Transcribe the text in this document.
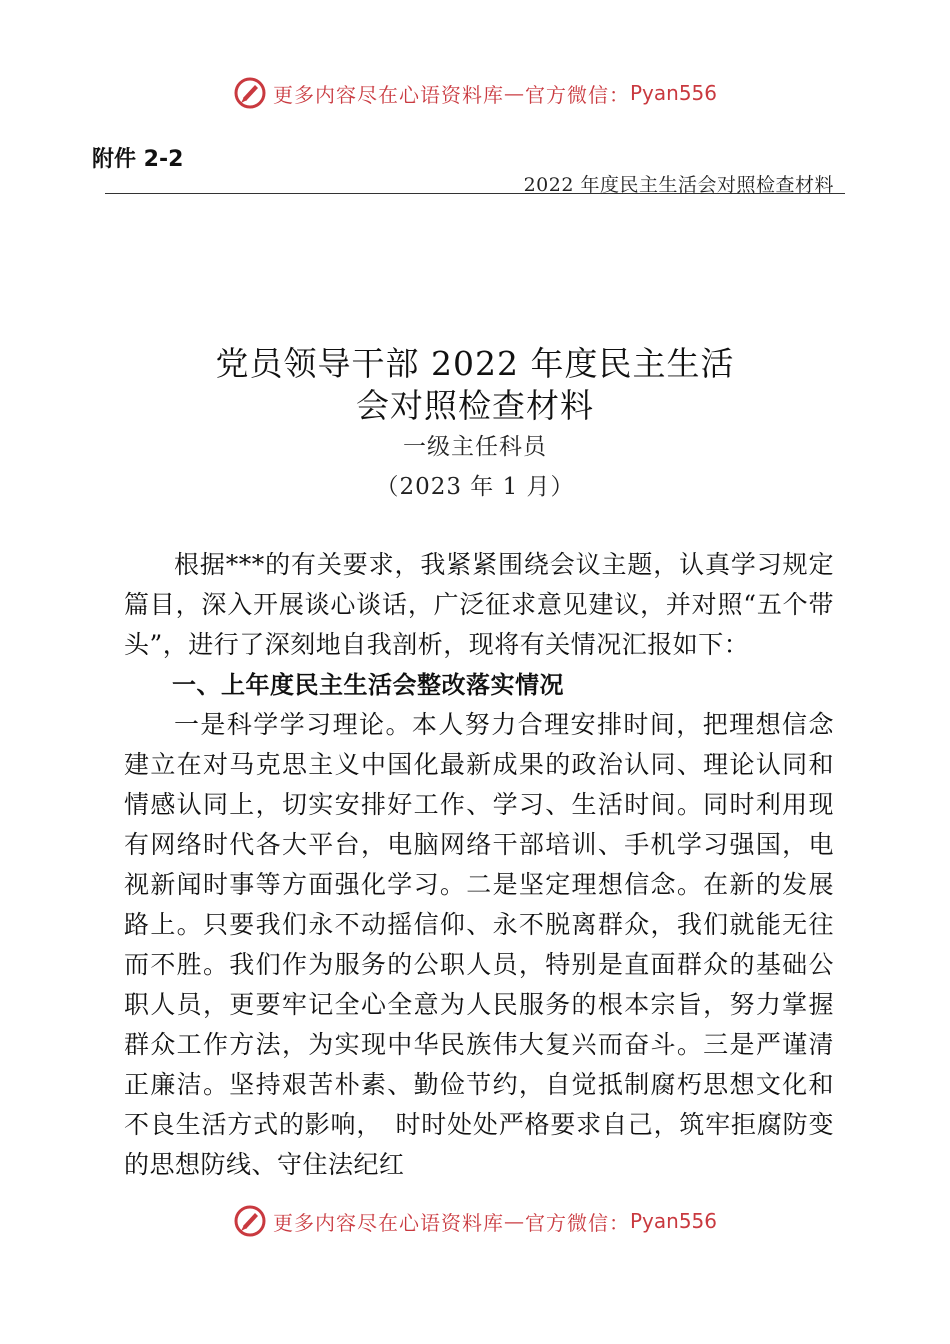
更多内容尽在心语资料库 — 官方微信： Pyan556
附件 2-2
2022 年度民主生活会对照检查材料
党员领导干部 2022 年度民主生活
会对照检查材料
一级主任科员
（2023 年 1 月）

根据***的有关要求，我紧紧围绕会议主题，认真学习规定篇目，深入开展谈心谈话，广泛征求意见建议，并对照“五个带头”，进行了深刻地自我剖析，现将有关情况汇报如下：

一、上年度民主生活会整改落实情况

一是科学学习理论。本人努力合理安排时间，把理想信念建立在对马克思主义中国化最新成果的政治认同、理论认同和情感认同上，切实安排好工作、学习、生活时间。同时利用现有网络时代各大平台，电脑网络干部培训、手机学习强国，电视新闻时事等方面强化学习。二是坚定理想信念。在新的发展路上。只要我们永不动摇信仰、永不脱离群众，我们就能无往而不胜。我们作为服务的公职人员，特别是直面群众的基础公职人员，更要牢记全心全意为人民服务的根本宗旨，努力掌握群众工作方法，为实现中华民族伟大复兴而奋斗。三是严谨清正廉洁。坚持艰苦朴素、勤俭节约，自觉抵制腐朽思想文化和不良生活方式的影响，　时时处处严格要求自己，筑牢拒腐防变的思想防线、守住法纪红

更多内容尽在心语资料库 — 官方微信： Pyan556
